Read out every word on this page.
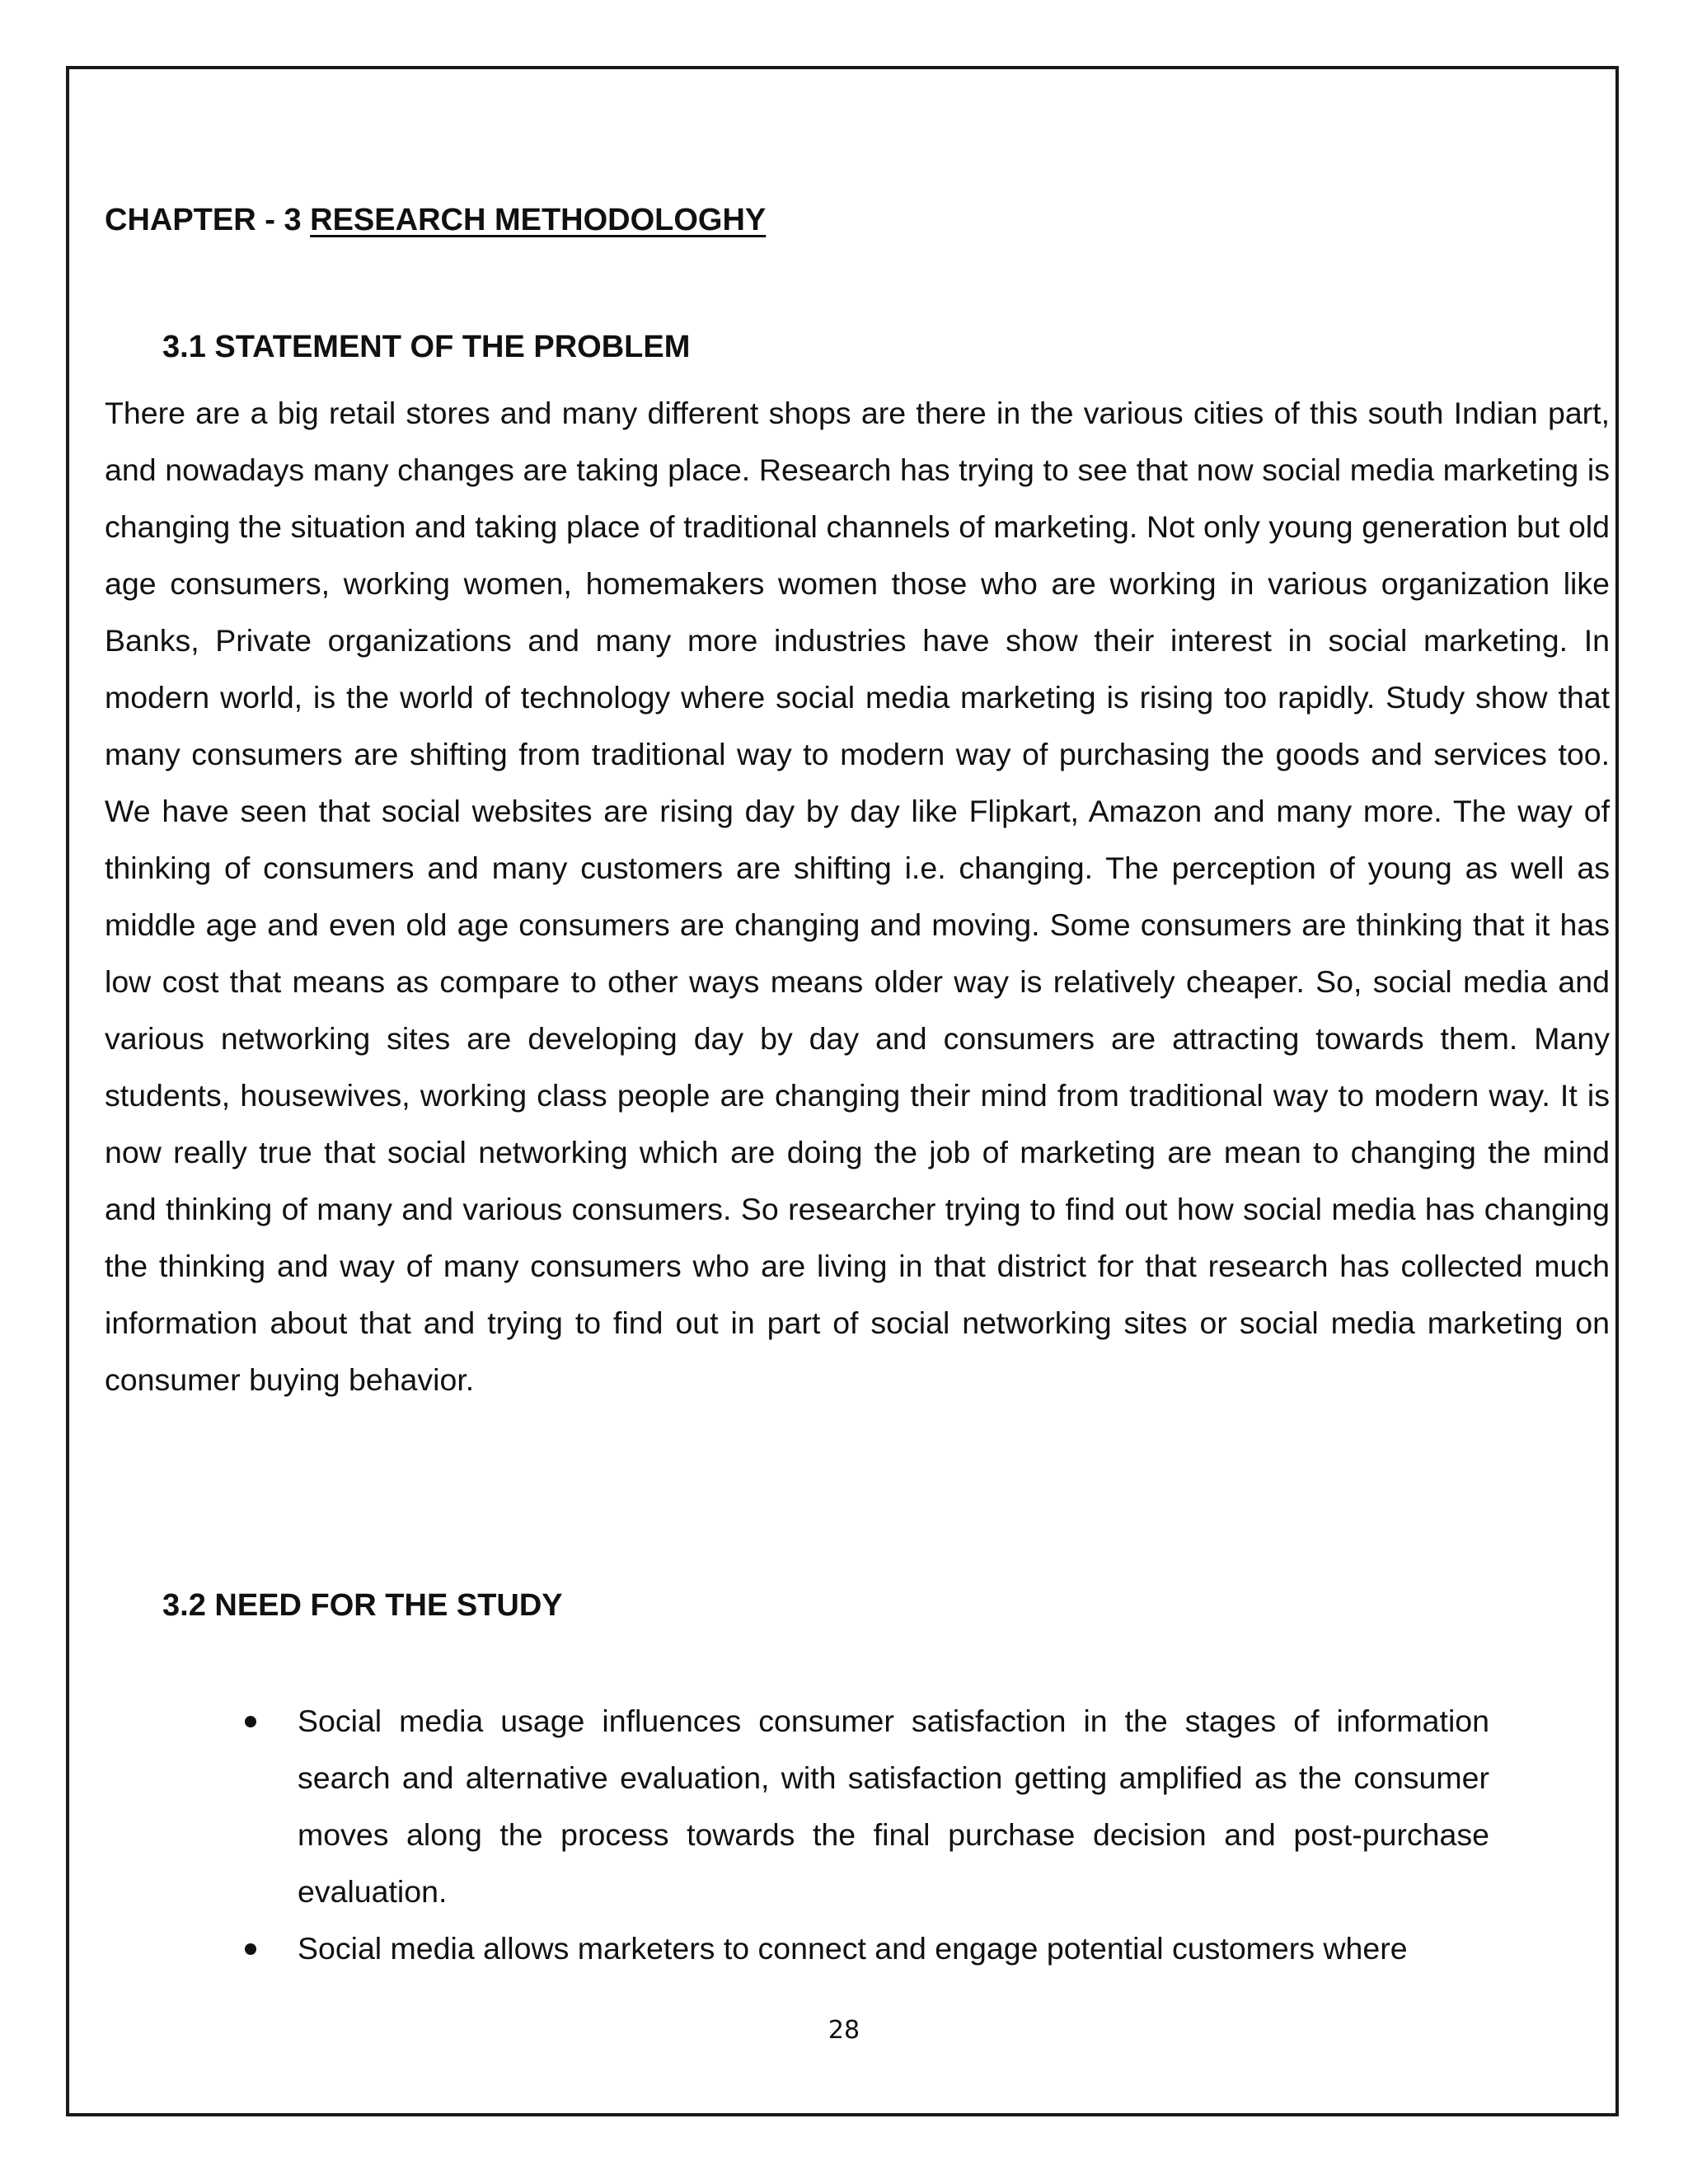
CHAPTER - 3 RESEARCH METHODOLOGHY
3.1 STATEMENT OF THE PROBLEM

There are a big retail stores and many different shops are there in the various cities of this south Indian part, and nowadays many changes are taking place. Research has trying to see that now social media marketing is changing the situation and taking place of traditional channels of marketing. Not only young generation but old age consumers, working women, homemakers women those who are working in various organization like Banks, Private organizations and many more industries have show their interest in social marketing. In modern world, is the world of technology where social media marketing is rising too rapidly. Study show that many consumers are shifting from traditional way to modern way of purchasing the goods and services too. We have seen that social websites are rising day by day like Flipkart, Amazon and many more. The way of thinking of consumers and many customers are shifting i.e. changing. The perception of young as well as middle age and even old age consumers are changing and moving. Some consumers are thinking that it has low cost that means as compare to other ways means older way is relatively cheaper. So, social media and various networking sites are developing day by day and consumers are attracting towards them. Many students, housewives, working class people are changing their mind from traditional way to modern way. It is now really true that social networking which are doing the job of marketing are mean to changing the mind and thinking of many and various consumers. So researcher trying to find out how social media has changing the thinking and way of many consumers who are living in that district for that research has collected much information about that and trying to find out in part of social networking sites or social media marketing on consumer buying behavior.

3.2 NEED FOR THE STUDY
Social media usage influences consumer satisfaction in the stages of information search and alternative evaluation, with satisfaction getting amplified as the consumer moves along the process towards the final purchase decision and post-purchase evaluation.
Social media allows marketers to connect and engage potential customers where

28
